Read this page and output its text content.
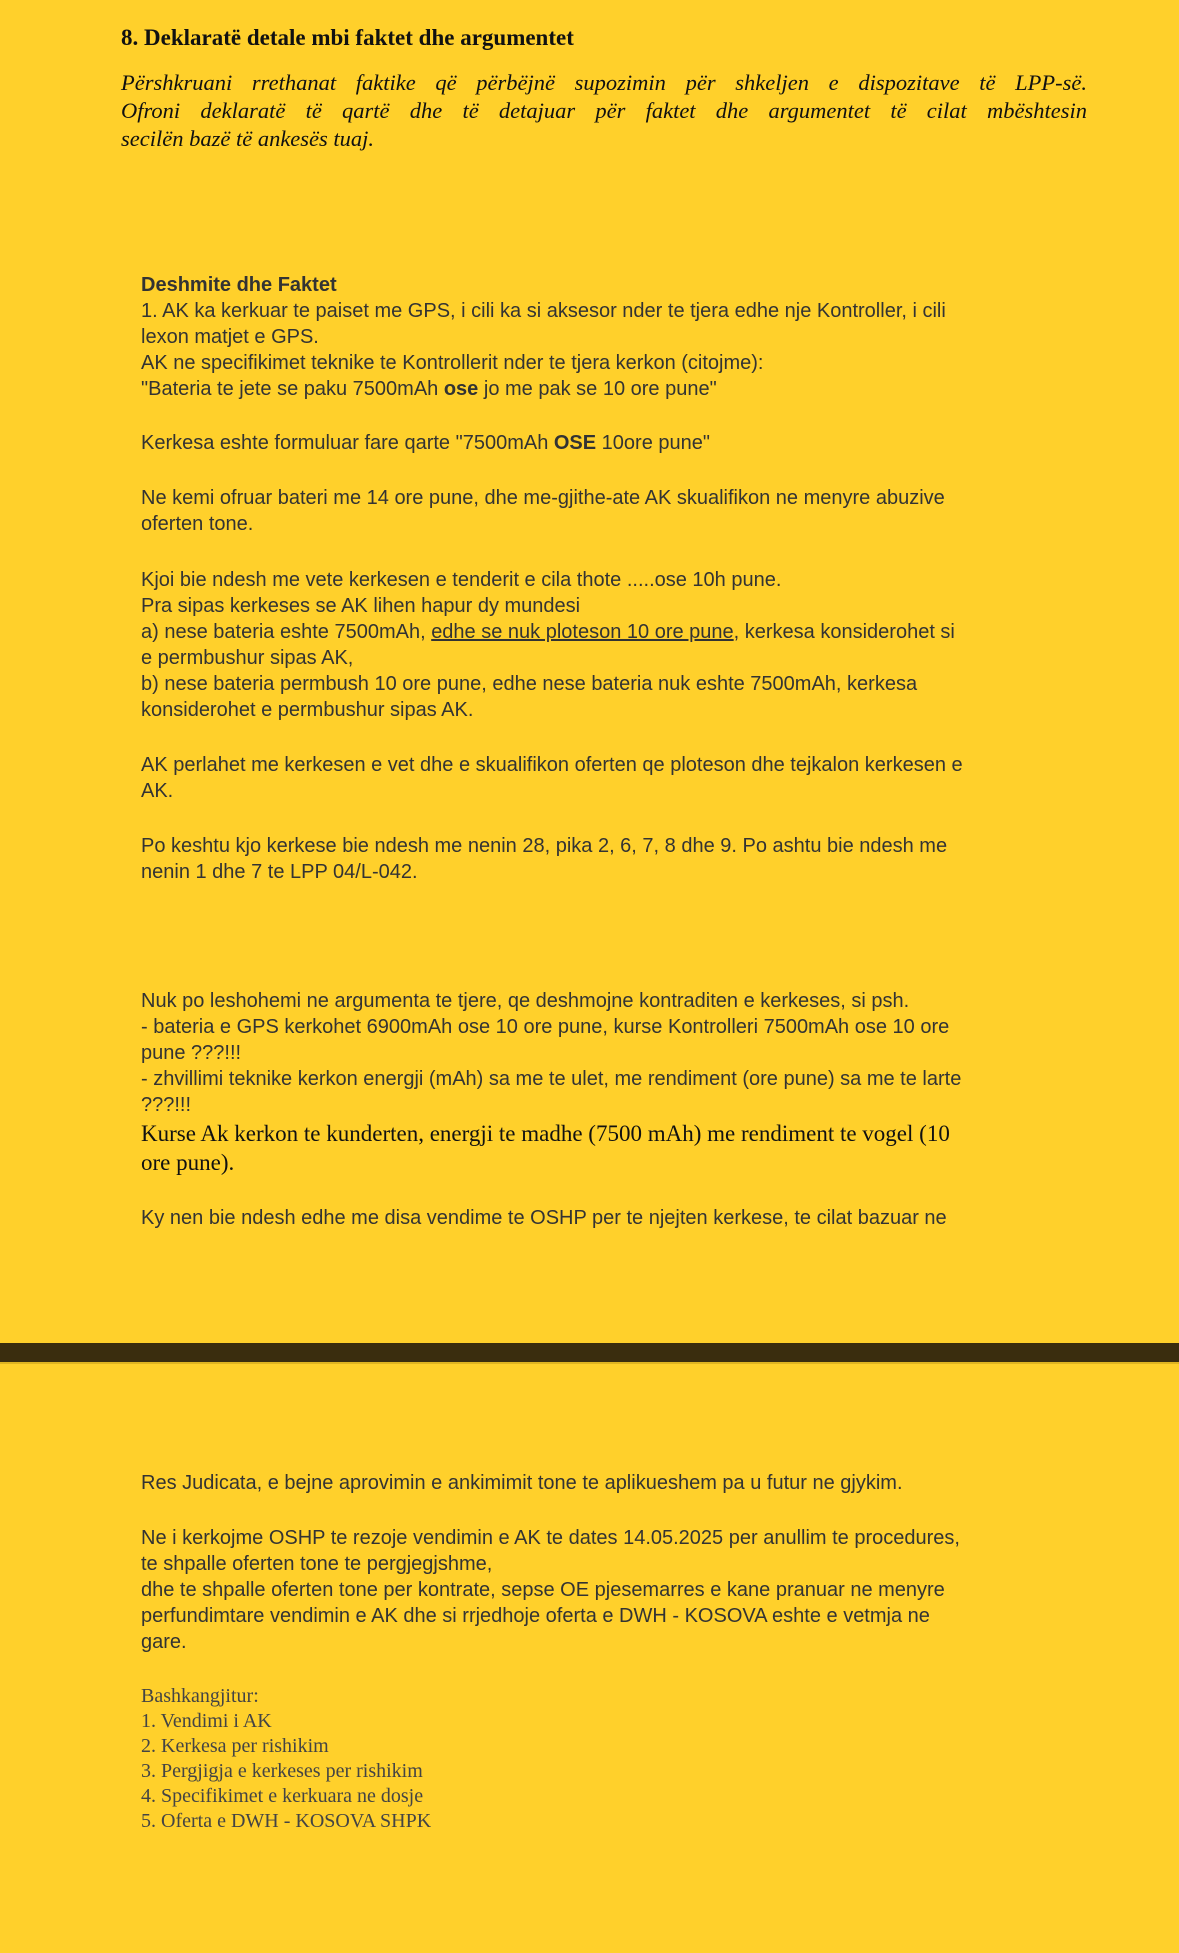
8. Deklaratë detale mbi faktet dhe argumentet

Përshkruani rrethanat faktike që përbëjnë supozimin për shkeljen e dispozitave të LPP-së.
Ofroni deklaratë të qartë dhe të detajuar për faktet dhe argumentet të cilat mbështesin
secilën bazë të ankesës tuaj.

Deshmite dhe Faktet
1. AK ka kerkuar te paiset me GPS, i cili ka si aksesor nder te tjera edhe nje Kontroller, i cili
lexon matjet e GPS.
AK ne specifikimet teknike te Kontrollerit nder te tjera kerkon (citojme):
"Bateria te jete se paku 7500mAh ose jo me pak se 10 ore pune"
Kerkesa eshte formuluar fare qarte "7500mAh OSE 10ore pune"
Ne kemi ofruar bateri me 14 ore pune, dhe me-gjithe-ate AK skualifikon ne menyre abuzive
oferten tone.
Kjoi bie ndesh me vete kerkesen e tenderit e cila thote .....ose 10h pune.
Pra sipas kerkeses se AK lihen hapur dy mundesi
a) nese bateria eshte 7500mAh, edhe se nuk ploteson 10 ore pune, kerkesa konsiderohet si
e permbushur sipas AK,
b) nese bateria permbush 10 ore pune, edhe nese bateria nuk eshte 7500mAh, kerkesa
konsiderohet e permbushur sipas AK.
AK perlahet me kerkesen e vet dhe e skualifikon oferten qe ploteson dhe tejkalon kerkesen e
AK.
Po keshtu kjo kerkese bie ndesh me nenin 28, pika 2, 6, 7, 8 dhe 9. Po ashtu bie ndesh me
nenin 1 dhe 7 te LPP 04/L-042.
Nuk po leshohemi ne argumenta te tjere, qe deshmojne kontraditen e kerkeses, si psh.
- bateria e GPS kerkohet 6900mAh ose 10 ore pune, kurse Kontrolleri 7500mAh ose 10 ore
pune ???!!!
- zhvillimi teknike kerkon energji (mAh) sa me te ulet, me rendiment (ore pune) sa me te larte
???!!!
Kurse Ak kerkon te kunderten, energji te madhe (7500 mAh) me rendiment te vogel (10
ore pune).
Ky nen bie ndesh edhe me disa vendime te OSHP per te njejten kerkese, te cilat bazuar ne
Res Judicata, e bejne aprovimin e ankimimit tone te aplikueshem pa u futur ne gjykim.
Ne i kerkojme OSHP te rezoje vendimin e AK te dates 14.05.2025 per anullim te procedures,
te shpalle oferten tone te pergjegjshme,
dhe te shpalle oferten tone per kontrate, sepse OE pjesemarres e kane pranuar ne menyre
perfundimtare vendimin e AK dhe si rrjedhoje oferta e DWH - KOSOVA eshte e vetmja ne
gare.
Bashkangjitur:
1. Vendimi i AK
2. Kerkesa per rishikim
3. Pergjigja e kerkeses per rishikim
4. Specifikimet e kerkuara ne dosje
5. Oferta e DWH - KOSOVA SHPK
